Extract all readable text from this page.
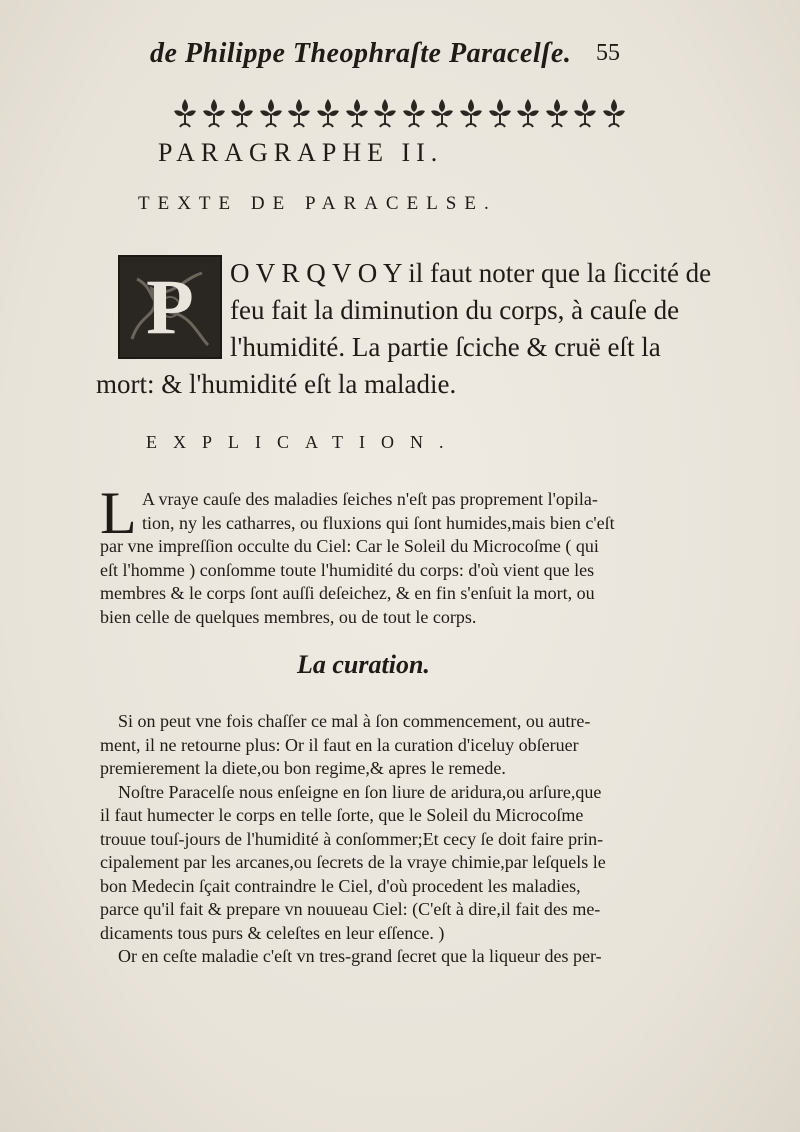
de Philippe Theophraſte Paracelſe. 55
PARAGRAPHE II.
TEXTE DE PARACELSE.
P	O V R Q V O Y il faut noter que la ſiccité de
feu fait la diminution du corps, à cauſe de
l'humidité. La partie ſciche & cruë eſt la
mort: & l'humidité eſt la maladie.
EXPLICATION.
L A vraye cauſe des maladies ſeiches n'eſt pas proprement l'opila-
tion, ny les catharres, ou fluxions qui ſont humides,mais bien c'eſt
par vne impreſſion occulte du Ciel: Car le Soleil du Microcoſme ( qui
eſt l'homme ) conſomme toute l'humidité du corps: d'où vient que les
membres & le corps ſont auſſi deſeichez, & en fin s'enſuit la mort, ou
bien celle de quelques membres, ou de tout le corps.
La curation.
Si on peut vne fois chaſſer ce mal à ſon commencement, ou autre-
ment, il ne retourne plus: Or il faut en la curation d'iceluy obſeruer
premierement la diete,ou bon regime,& apres le remede.
Noſtre Paracelſe nous enſeigne en ſon liure de aridura,ou arſure,que
il faut humecter le corps en telle ſorte, que le Soleil du Microcoſme
trouue touſ-jours de l'humidité à conſommer;Et cecy ſe doit faire prin-
cipalement par les arcanes,ou ſecrets de la vraye chimie,par leſquels le
bon Medecin ſçait contraindre le Ciel, d'où procedent les maladies,
parce qu'il fait & prepare vn nouueau Ciel: (C'eſt à dire,il fait des me-
dicaments tous purs & celeſtes en leur eſſence. )
Or en ceſte maladie c'eſt vn tres-grand ſecret que la liqueur des per-
